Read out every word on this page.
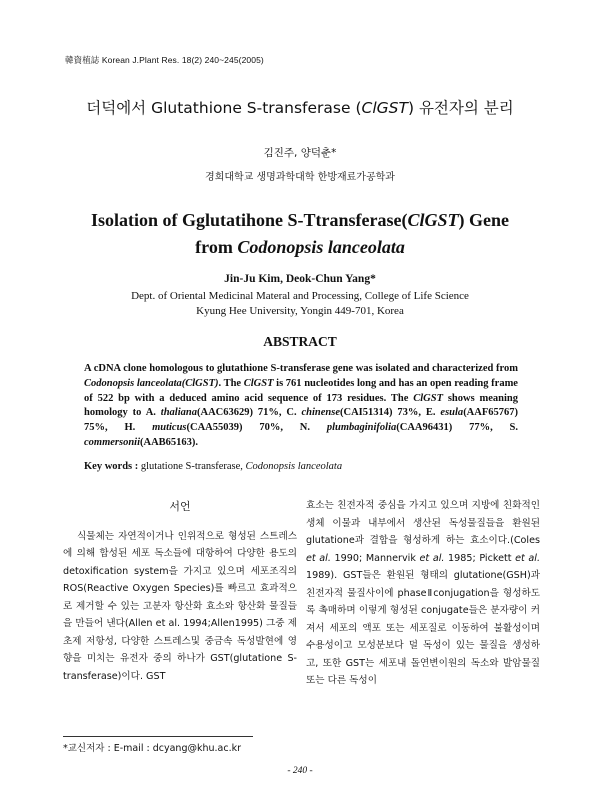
韓資植誌 Korean J.Plant Res. 18(2) 240~245(2005)
더덕에서 Glutathione S-transferase (ClGST) 유전자의 분리
김진주, 양덕춘*
경희대학교 생명과학대학 한방재료가공학과
Isolation of Gglutatihone S-Ttransferase(ClGST) Gene
from Codonopsis lanceolata
Jin-Ju Kim, Deok-Chun Yang*
Dept. of Oriental Medicinal Materal and Processing, College of Life Science
Kyung Hee University, Yongin 449-701, Korea
ABSTRACT
A cDNA clone homologous to glutathione S-transferase gene was isolated and characterized from Codonopsis lanceolata(ClGST). The ClGST is 761 nucleotides long and has an open reading frame of 522 bp with a deduced amino acid sequence of 173 residues. The ClGST shows meaning homology to A. thaliana(AAC63629) 71%, C. chinense(CAI51314) 73%, E. esula(AAF65767) 75%, H. muticus(CAA55039) 70%, N. plumbaginifolia(CAA96431) 77%, S. commersonii(AAB65163).
Key words : glutatione S-transferase, Codonopsis lanceolata
서언

식물체는 자연적이거나 인위적으로 형성된 스트레스에 의해 합성된 세포 독소들에 대항하여 다양한 용도의 detoxification system을 가지고 있으며 세포조직의 ROS(Reactive Oxygen Species)를 빠르고 효과적으로 제거할 수 있는 고분자 항산화 효소와 항산화 물질들을 만들어 낸다(Allen et al. 1994;Allen1995) 그중 제초제 저항성, 다양한 스트레스및 중금속 독성발현에 영향을 미치는 유전자 중의 하나가 GST(glutatione S-transferase)이다. GST

효소는 친전자적 중심을 가지고 있으며 지방에 친화적인 생체 이물과 내부에서 생산된 독성물질들을 환원된 glutatione과 결합을 형성하게 하는 효소이다.(Coles et al. 1990; Mannervik et al. 1985; Pickett et al. 1989). GST들은 환원된 형태의 glutatione(GSH)과 친전자적 물질사이에 phaseⅡconjugation을 형성하도록 촉매하며 이렇게 형성된 conjugate들은 분자량이 커져서 세포의 액포 또는 세포질로 이동하여 불활성이며 수용성이고 모성분보다 덜 독성이 있는 물질을 생성하고, 또한 GST는 세포내 돌연변이원의 독소와 발암물질 또는 다른 독성이

*교신저자 : E-mail : dcyang@khu.ac.kr
- 240 -
